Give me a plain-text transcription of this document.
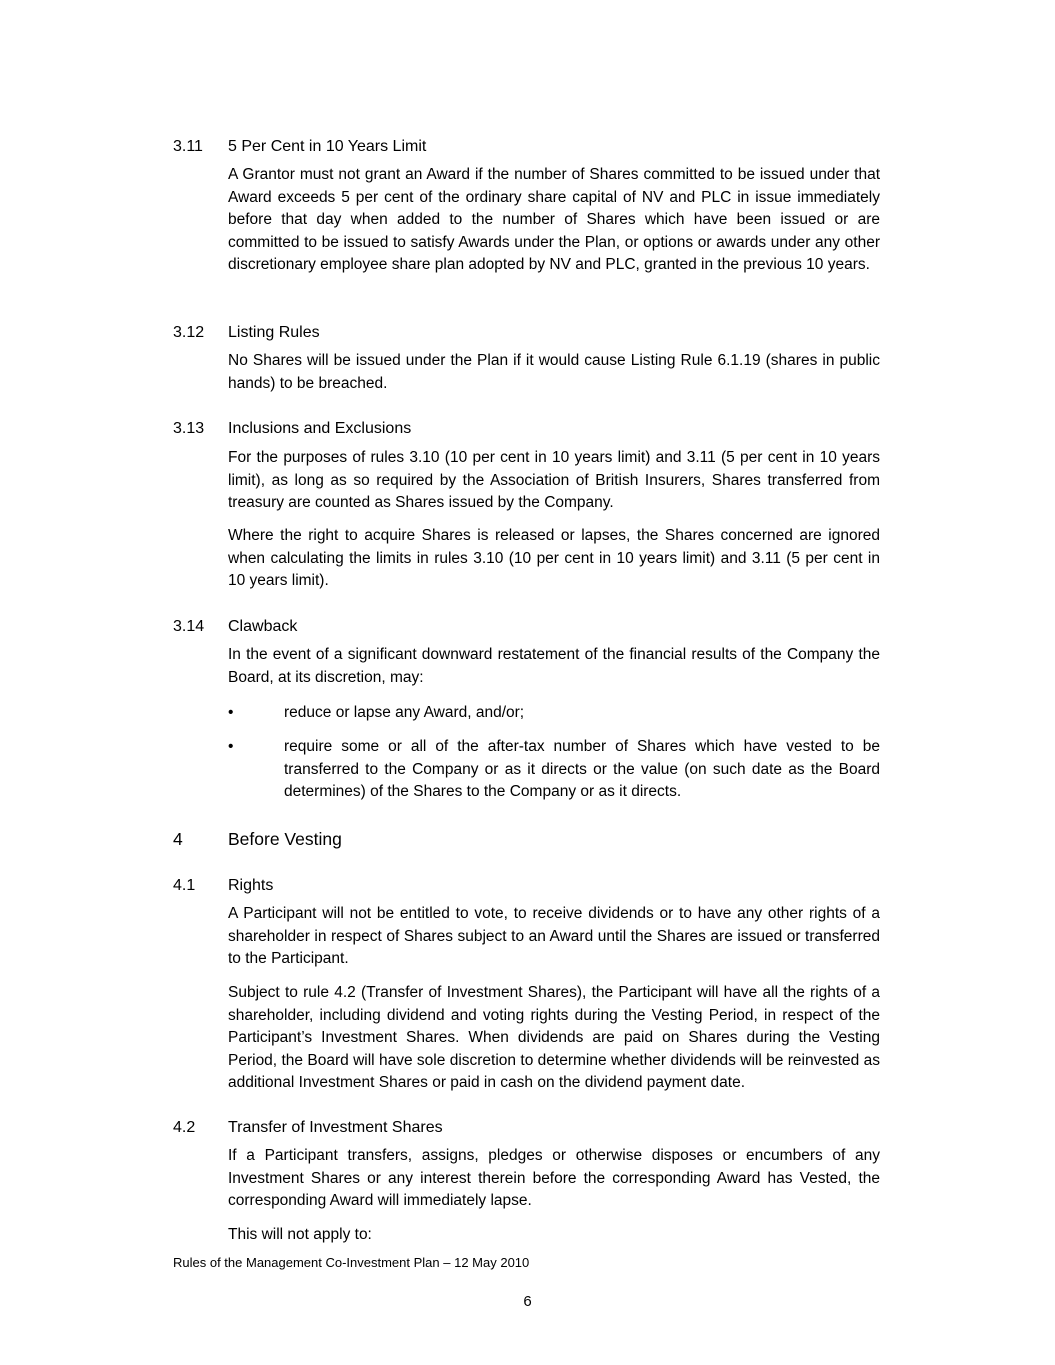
3.11 5 Per Cent in 10 Years Limit

A Grantor must not grant an Award if the number of Shares committed to be issued under that Award exceeds 5 per cent of the ordinary share capital of NV and PLC in issue immediately before that day when added to the number of Shares which have been issued or are committed to be issued to satisfy Awards under the Plan, or options or awards under any other discretionary employee share plan adopted by NV and PLC, granted in the previous 10 years.

3.12 Listing Rules

No Shares will be issued under the Plan if it would cause Listing Rule 6.1.19 (shares in public hands) to be breached.

3.13 Inclusions and Exclusions

For the purposes of rules 3.10 (10 per cent in 10 years limit) and 3.11 (5 per cent in 10 years limit), as long as so required by the Association of British Insurers, Shares transferred from treasury are counted as Shares issued by the Company.

Where the right to acquire Shares is released or lapses, the Shares concerned are ignored when calculating the limits in rules 3.10 (10 per cent in 10 years limit) and 3.11 (5 per cent in 10 years limit).

3.14 Clawback

In the event of a significant downward restatement of the financial results of the Company the Board, at its discretion, may:

•	reduce or lapse any Award, and/or;

•	require some or all of the after-tax number of Shares which have vested to be transferred to the Company or as it directs or the value (on such date as the Board determines) of the Shares to the Company or as it directs.

4	Before Vesting
4.1 Rights

A Participant will not be entitled to vote, to receive dividends or to have any other rights of a shareholder in respect of Shares subject to an Award until the Shares are issued or transferred to the Participant.

Subject to rule 4.2 (Transfer of Investment Shares), the Participant will have all the rights of a shareholder, including dividend and voting rights during the Vesting Period, in respect of the Participant’s Investment Shares. When dividends are paid on Shares during the Vesting Period, the Board will have sole discretion to determine whether dividends will be reinvested as additional Investment Shares or paid in cash on the dividend payment date.

4.2 Transfer of Investment Shares

If a Participant transfers, assigns, pledges or otherwise disposes or encumbers of any Investment Shares or any interest therein before the corresponding Award has Vested, the corresponding Award will immediately lapse.

This will not apply to:

Rules of the Management Co-Investment Plan – 12 May 2010
6
